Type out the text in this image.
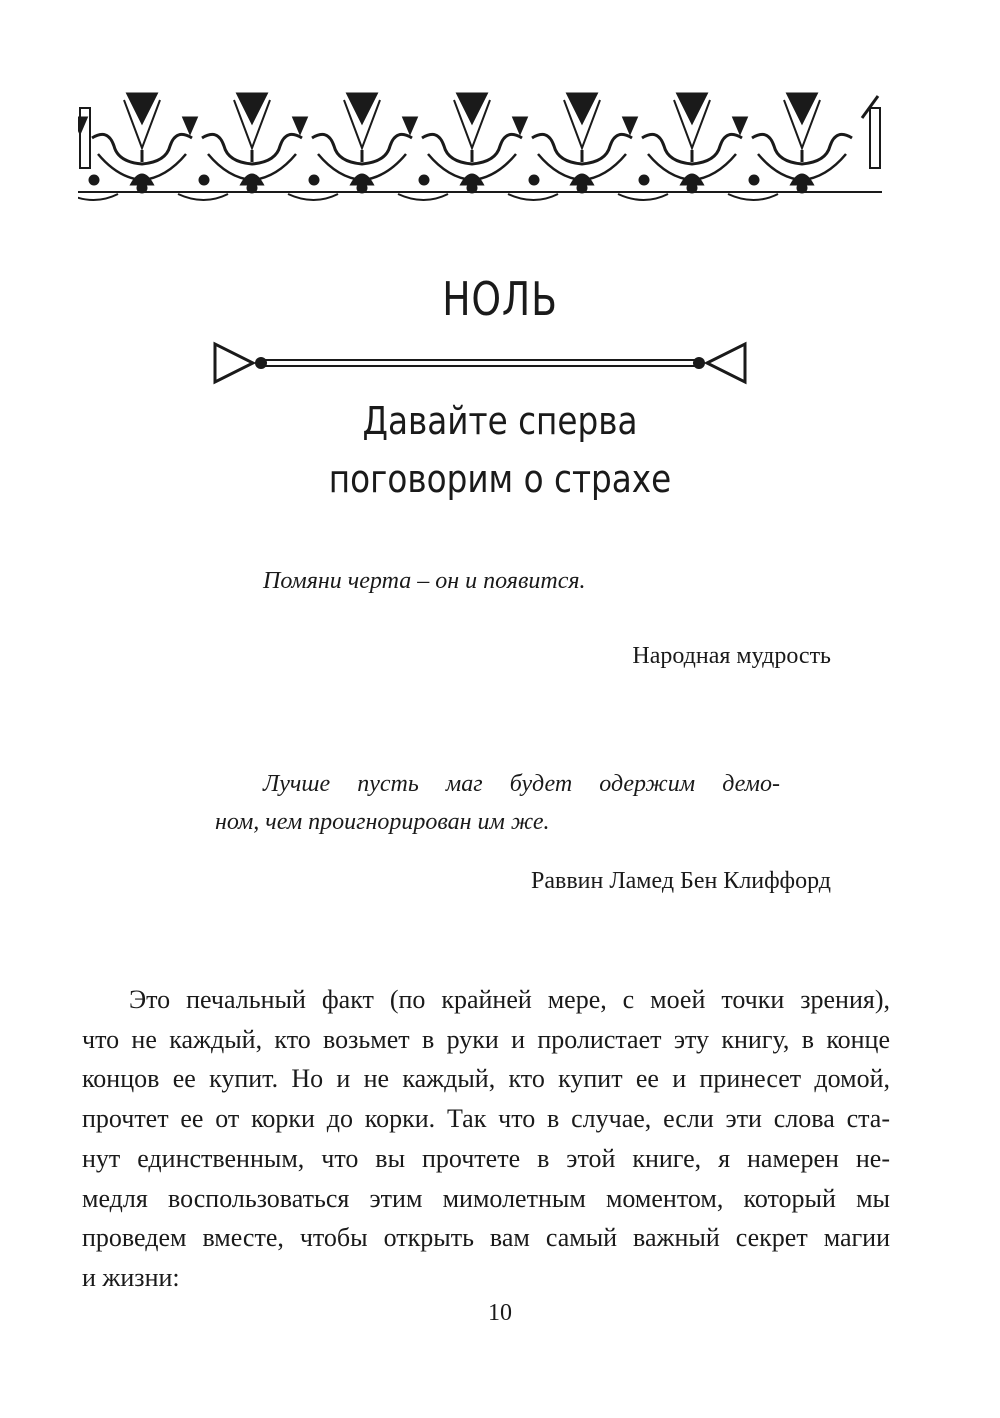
НОЛЬ
Давайте сперва
поговорим о страхе
Помяни черта – он и появится.
Народная мудрость
Лучше пусть маг будет одержим демо-
ном, чем проигнорирован им же.
Раввин Ламед Бен Клиффорд
Это печальный факт (по крайней мере, с моей точки зрения),
что не каждый, кто возьмет в руки и пролистает эту книгу, в конце
концов ее купит. Но и не каждый, кто купит ее и принесет домой,
прочтет ее от корки до корки. Так что в случае, если эти слова ста-
нут единственным, что вы прочтете в этой книге, я намерен не-
медля воспользоваться этим мимолетным моментом, который мы
проведем вместе, чтобы открыть вам самый важный секрет магии
и жизни:
10
